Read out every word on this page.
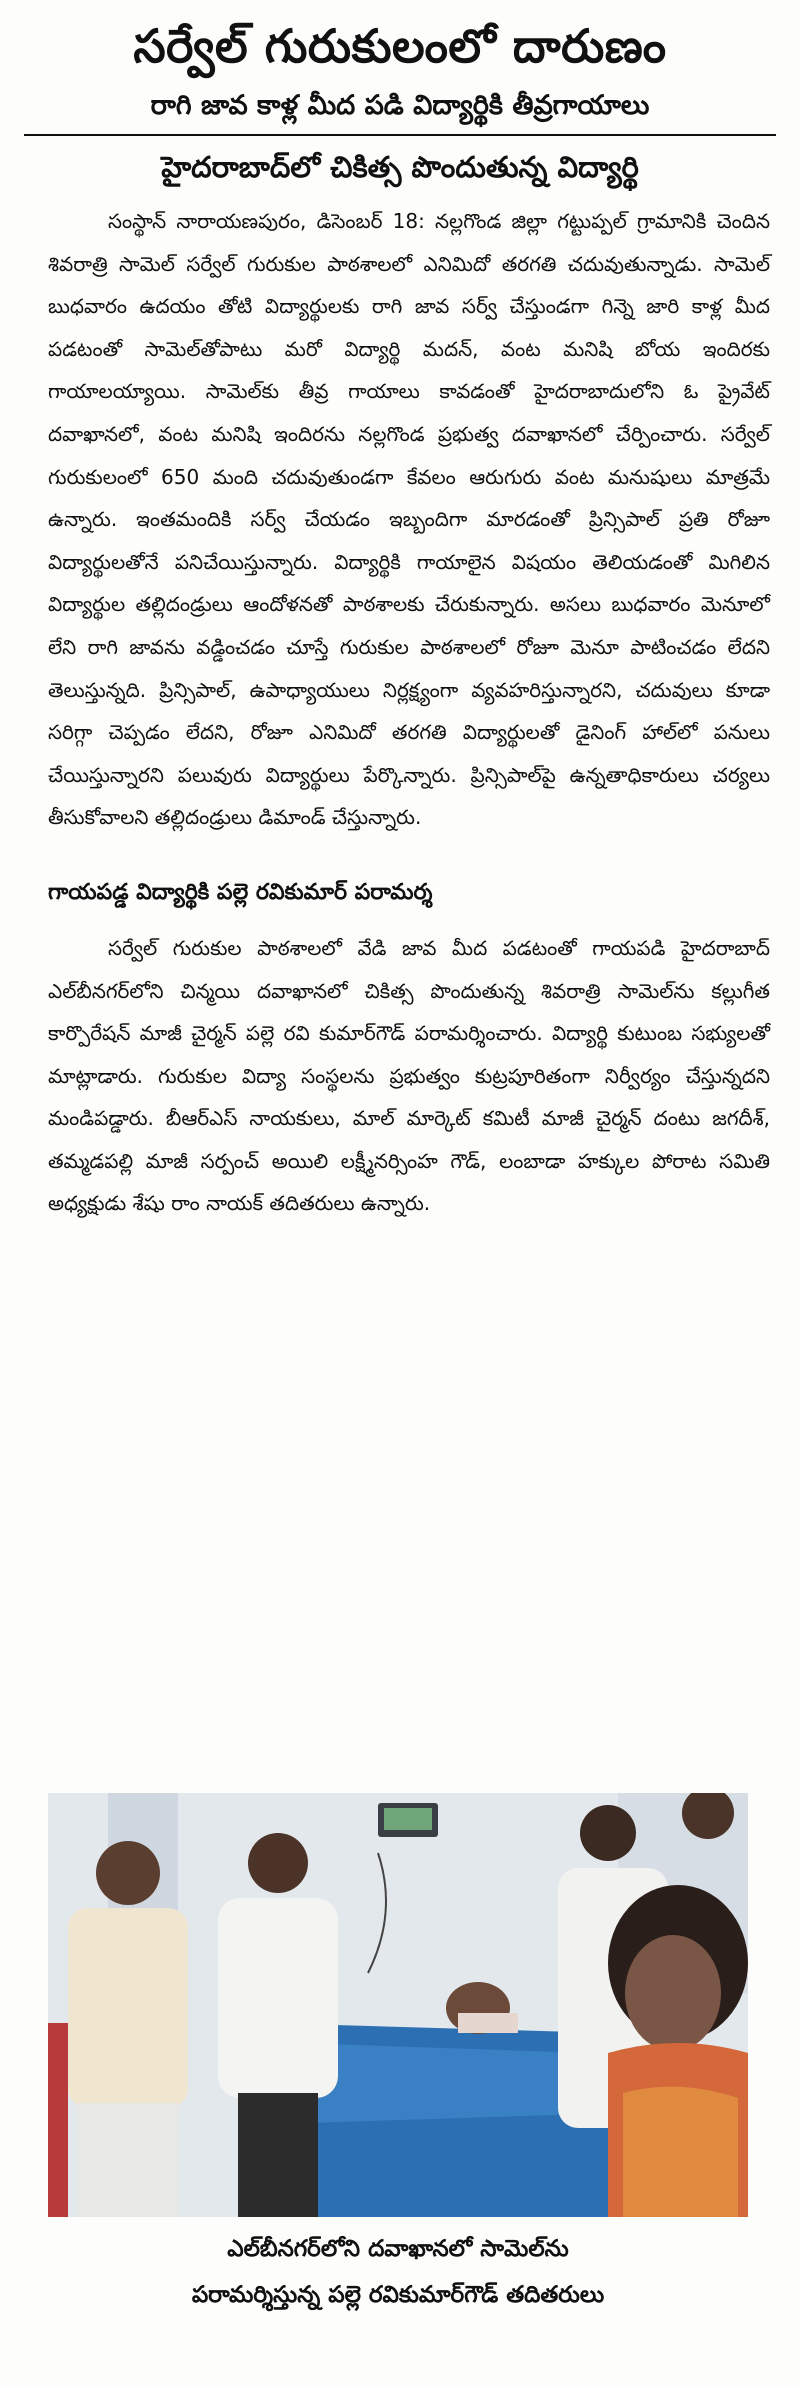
సర్వేల్ గురుకులంలో దారుణం
రాగి జావ కాళ్ల మీద పడి విద్యార్థికి తీవ్రగాయాలు
హైదరాబాద్‌లో చికిత్స పొందుతున్న విద్యార్థి
సంస్థాన్ నారాయణపురం, డిసెంబర్ 18: నల్లగొండ జిల్లా గట్టుప్పల్ గ్రామానికి చెందిన శివరాత్రి సామెల్ సర్వేల్ గురుకుల పాఠశాలలో ఎనిమిదో తరగతి చదువుతున్నాడు. సామెల్ బుధవారం ఉదయం తోటి విద్యార్థులకు రాగి జావ సర్వ్ చేస్తుండగా గిన్నె జారి కాళ్ల మీద పడటంతో సామెల్‌తోపాటు మరో విద్యార్థి మదన్, వంట మనిషి బోయ ఇందిరకు గాయాలయ్యాయి. సామెల్‌కు తీవ్ర గాయాలు కావడంతో హైదరాబాదులోని ఓ ప్రైవేట్ దవాఖానలో, వంట మనిషి ఇందిరను నల్లగొండ ప్రభుత్వ దవాఖానలో చేర్పించారు. సర్వేల్ గురుకులంలో 650 మంది చదువుతుండగా కేవలం ఆరుగురు వంట మనుషులు మాత్రమే ఉన్నారు. ఇంతమందికి సర్వ్ చేయడం ఇబ్బందిగా మారడంతో ప్రిన్సిపాల్ ప్రతి రోజూ విద్యార్థులతోనే పనిచేయిస్తున్నారు. విద్యార్థికి గాయాలైన విషయం తెలియడంతో మిగిలిన విద్యార్థుల తల్లిదండ్రులు ఆందోళనతో పాఠశాలకు చేరుకున్నారు. అసలు బుధవారం మెనూలో లేని రాగి జావను వడ్డించడం చూస్తే గురుకుల పాఠశాలలో రోజూ మెనూ పాటించడం లేదని తెలుస్తున్నది. ప్రిన్సిపాల్, ఉపాధ్యాయులు నిర్లక్ష్యంగా వ్యవహరిస్తున్నారని, చదువులు కూడా సరిగ్గా చెప్పడం లేదని, రోజూ ఎనిమిదో తరగతి విద్యార్థులతో డైనింగ్ హాల్‌లో పనులు చేయిస్తున్నారని పలువురు విద్యార్థులు పేర్కొన్నారు. ప్రిన్సిపాల్‌పై ఉన్నతాధికారులు చర్యలు తీసుకోవాలని తల్లిదండ్రులు డిమాండ్ చేస్తున్నారు.
గాయపడ్డ విద్యార్థికి పల్లె రవికుమార్ పరామర్శ
సర్వేల్ గురుకుల పాఠశాలలో వేడి జావ మీద పడటంతో గాయపడి హైదరాబాద్ ఎల్‌బీనగర్‌లోని చిన్మయి దవాఖానలో చికిత్స పొందుతున్న శివరాత్రి సామెల్‌ను కల్లుగీత కార్పొరేషన్ మాజీ చైర్మన్ పల్లె రవి కుమార్‌గౌడ్ పరామర్శించారు. విద్యార్థి కుటుంబ సభ్యులతో మాట్లాడారు. గురుకుల విద్యా సంస్థలను ప్రభుత్వం కుట్రపూరితంగా నిర్వీర్యం చేస్తున్నదని మండిపడ్డారు. బీఆర్‌ఎస్ నాయకులు, మాల్ మార్కెట్ కమిటీ మాజీ చైర్మన్ దంటు జగదీశ్, తమ్మడపల్లి మాజీ సర్పంచ్ అయిలి లక్ష్మీనర్సింహ గౌడ్, లంబాడా హక్కుల పోరాట సమితి అధ్యక్షుడు శేషు రాం నాయక్ తదితరులు ఉన్నారు.
ఎల్‌బీనగర్‌లోని దవాఖానలో సామెల్‌ను
పరామర్శిస్తున్న పల్లె రవికుమార్‌గౌడ్ తదితరులు
